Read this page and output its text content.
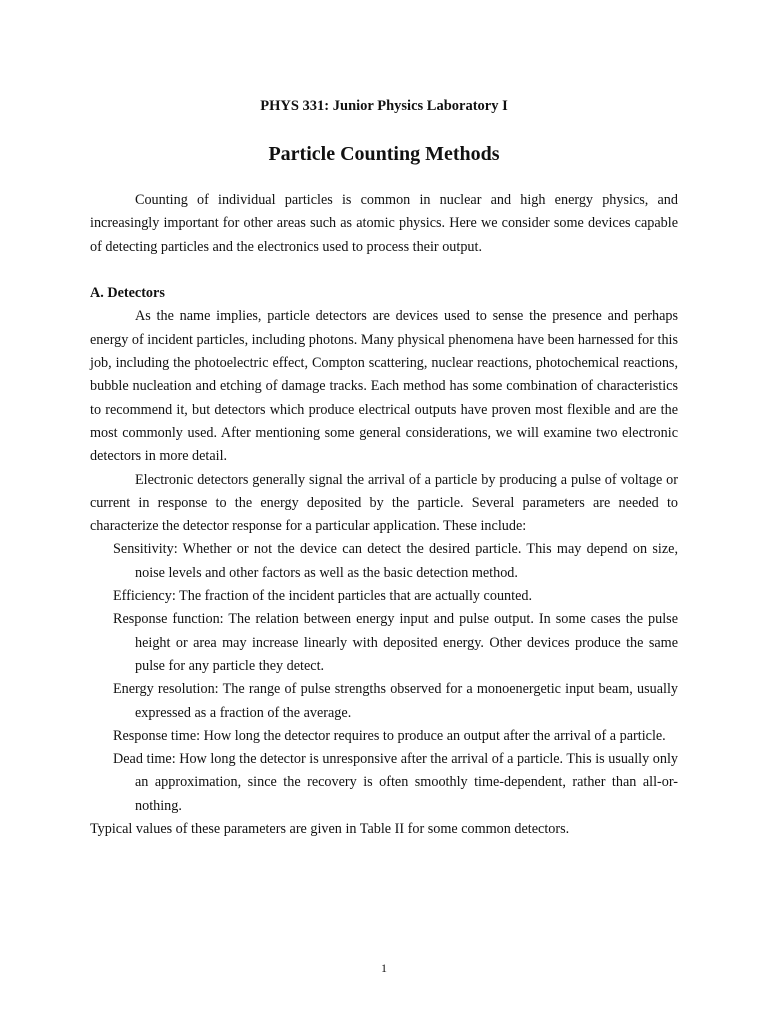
PHYS 331: Junior Physics Laboratory I
Particle Counting Methods

Counting of individual particles is common in nuclear and high energy physics, and increasingly important for other areas such as atomic physics. Here we consider some devices capable of detecting particles and the electronics used to process their output.

A. Detectors

As the name implies, particle detectors are devices used to sense the presence and perhaps energy of incident particles, including photons. Many physical phenomena have been harnessed for this job, including the photoelectric effect, Compton scattering, nuclear reactions, photochemical reactions, bubble nucleation and etching of damage tracks. Each method has some combination of characteristics to recommend it, but detectors which produce electrical outputs have proven most flexible and are the most commonly used. After mentioning some general considerations, we will examine two electronic detectors in more detail.

Electronic detectors generally signal the arrival of a particle by producing a pulse of voltage or current in response to the energy deposited by the particle. Several parameters are needed to characterize the detector response for a particular application. These include:

Sensitivity: Whether or not the device can detect the desired particle. This may depend on size, noise levels and other factors as well as the basic detection method.
Efficiency: The fraction of the incident particles that are actually counted.
Response function: The relation between energy input and pulse output. In some cases the pulse height or area may increase linearly with deposited energy. Other devices produce the same pulse for any particle they detect.
Energy resolution: The range of pulse strengths observed for a monoenergetic input beam, usually expressed as a fraction of the average.
Response time: How long the detector requires to produce an output after the arrival of a particle.
Dead time: How long the detector is unresponsive after the arrival of a particle. This is usually only an approximation, since the recovery is often smoothly time-dependent, rather than all-or-nothing.

Typical values of these parameters are given in Table II for some common detectors.

1
